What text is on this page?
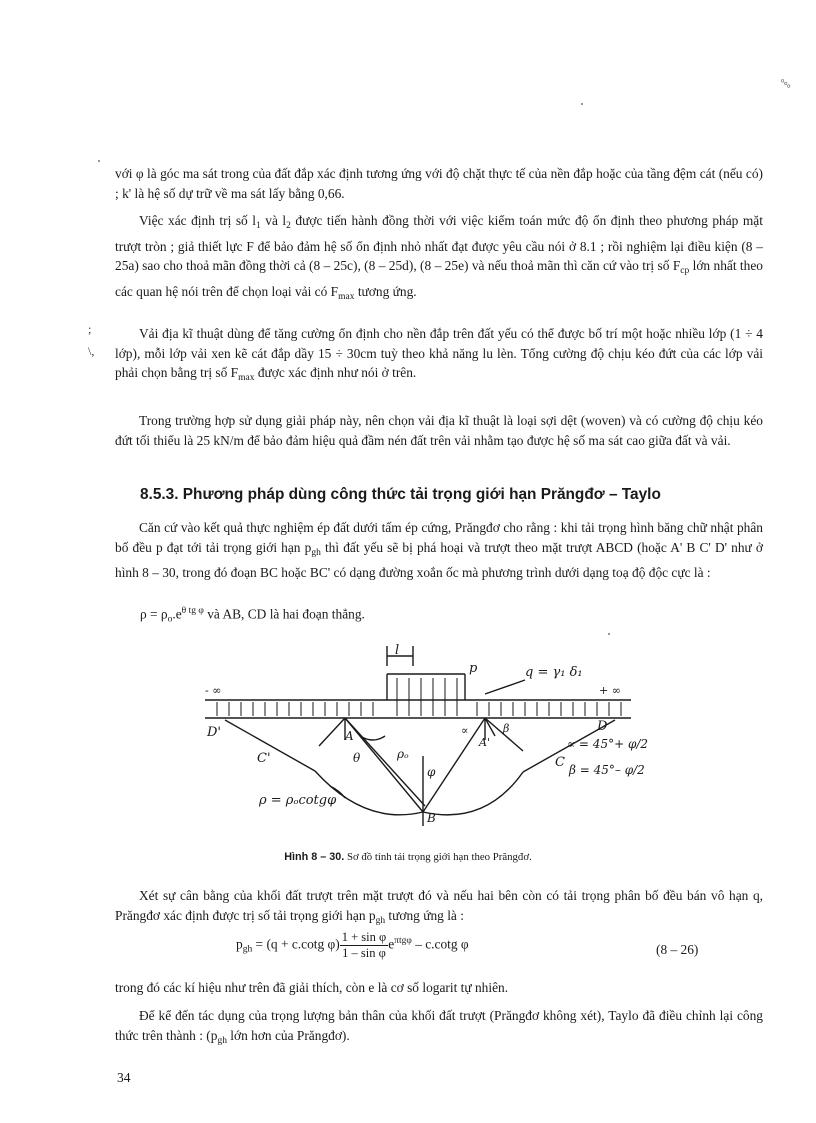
°°°
;
\,

với φ là góc ma sát trong của đất đắp xác định tương ứng với độ chặt thực tế của nền đắp hoặc của tầng đệm cát (nếu có) ; k' là hệ số dự trữ về ma sát lấy bằng 0,66.

Việc xác định trị số $l_1$ và $l_2$ được tiến hành đồng thời với việc kiểm toán mức độ ổn định theo phương pháp mặt trượt tròn ; giả thiết lực F để bảo đảm hệ số ổn định nhỏ nhất đạt được yêu cầu nói ở 8.1 ; rồi nghiệm lại điều kiện (8 – 25a) sao cho thoả mãn đồng thời cả (8 – 25c), (8 – 25d), (8 – 25e) và nếu thoả mãn thì căn cứ vào trị số $F_{cp}$ lớn nhất theo các quan hệ nói trên để chọn loại vải có $F_{max}$ tương ứng.

Vải địa kĩ thuật dùng để tăng cường ổn định cho nền đắp trên đất yếu có thể được bố trí một hoặc nhiều lớp (1 ÷ 4 lớp), mỗi lớp vải xen kẽ cát đắp dầy 15 ÷ 30cm tuỳ theo khả năng lu lèn. Tổng cường độ chịu kéo đứt của các lớp vải phải chọn bằng trị số $F_{max}$ được xác định như nói ở trên.

Trong trường hợp sử dụng giải pháp này, nên chọn vải địa kĩ thuật là loại sợi dệt (woven) và có cường độ chịu kéo đứt tối thiểu là 25 kN/m để bảo đảm hiệu quả đầm nén đất trên vải nhằm tạo được hệ số ma sát cao giữa đất và vải.

8.5.3. Phương pháp dùng công thức tải trọng giới hạn Prăngđơ – Taylo

Căn cứ vào kết quả thực nghiệm ép đất dưới tấm ép cứng, Prăngđơ cho rằng : khi tải trọng hình băng chữ nhật phân bố đều p đạt tới tải trọng giới hạn $p_{gh}$ thì đất yếu sẽ bị phá hoại và trượt theo mặt trượt ABCD (hoặc A' B C' D' như ở hình 8 – 30, trong đó đoạn BC hoặc BC' có dạng đường xoắn ốc mà phương trình dưới dạng toạ độ độc cực là :

$\rho = \rho_o.e^{\theta tg \varphi}$ và AB, CD là hai đoạn thẳng.
l
p	q = γ₁ δ₁
- ∞	+ ∞
D'
C'
A
θ	ρₒ
φ
∝
A'
β
C
D
B
ρ = ρₒcotgφ
∝ = 45°+ φ/2
β = 45°– φ/2
Hình 8 – 30. Sơ đồ tính tải trọng giới hạn theo Prăngđơ.

Xét sự cân bằng của khối đất trượt trên mặt trượt đó và nếu hai bên còn có tải trọng phân bố đều bán vô hạn q, Prăngđơ xác định được trị số tải trọng giới hạn $p_{gh}$ tương ứng là :

$p_{gh} = (q + c.\cot g$ $\varphi) \frac{\text{1 + sin φ}}{\text{1 – sin φ}} e^{\pi tg\varphi} - c.\cot g$ φ	(8 – 26)

trong đó các kí hiệu như trên đã giải thích, còn e là cơ số logarit tự nhiên.

Để kể đến tác dụng của trọng lượng bản thân của khối đất trượt (Prăngđơ không xét), Taylo đã điều chỉnh lại công thức trên thành : ($p_{gh}$ lớn hơn của Prăngđơ).

34
